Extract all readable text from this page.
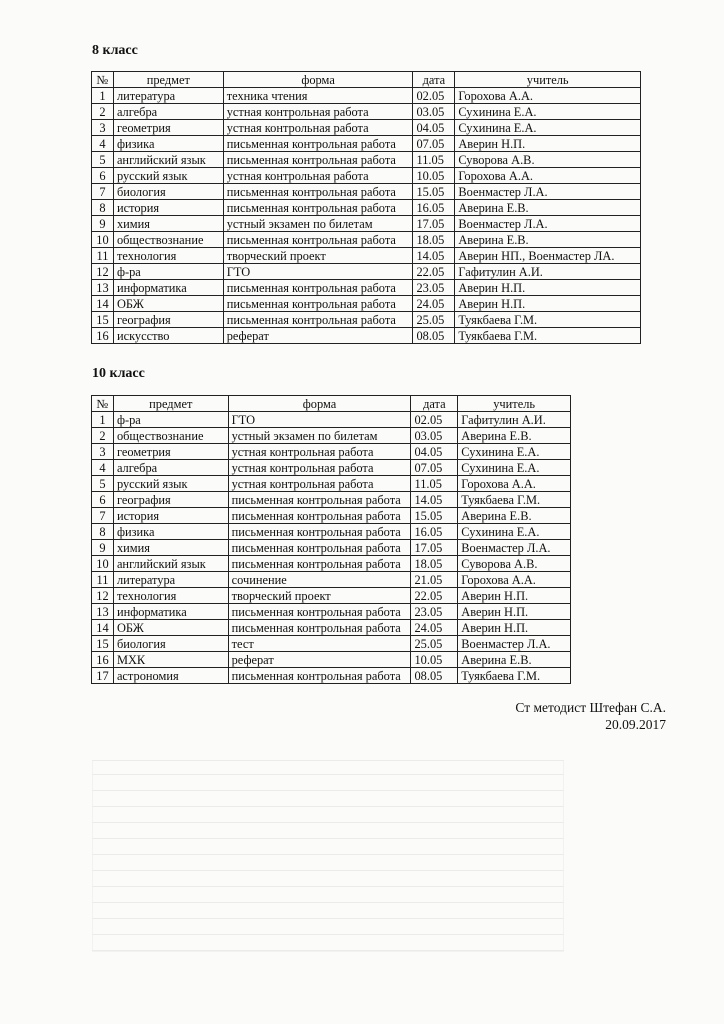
8 класс
№	предмет	форма	дата	учитель
1	литература	техника чтения	02.05	Горохова А.А.
2	алгебра	устная контрольная работа	03.05	Сухинина Е.А.
3	геометрия	устная контрольная работа	04.05	Сухинина Е.А.
4	физика	письменная контрольная работа	07.05	Аверин Н.П.
5	английский язык	письменная контрольная работа	11.05	Суворова А.В.
6	русский язык	устная контрольная работа	10.05	Горохова А.А.
7	биология	письменная контрольная работа	15.05	Военмастер Л.А.
8	история	письменная контрольная работа	16.05	Аверина Е.В.
9	химия	устный экзамен по билетам	17.05	Военмастер Л.А.
10	обществознание	письменная контрольная работа	18.05	Аверина Е.В.
11	технология	творческий проект	14.05	Аверин НП., Военмастер ЛА.
12	ф-ра	ГТО	22.05	Гафитулин А.И.
13	информатика	письменная контрольная работа	23.05	Аверин Н.П.
14	ОБЖ	письменная контрольная работа	24.05	Аверин Н.П.
15	география	письменная контрольная работа	25.05	Туякбаева Г.М.
16	искусство	реферат	08.05	Туякбаева Г.М.
10 класс
№	предмет	форма	дата	учитель
1	ф-ра	ГТО	02.05	Гафитулин А.И.
2	обществознание	устный экзамен по билетам	03.05	Аверина Е.В.
3	геометрия	устная контрольная работа	04.05	Сухинина Е.А.
4	алгебра	устная контрольная работа	07.05	Сухинина Е.А.
5	русский язык	устная контрольная работа	11.05	Горохова А.А.
6	география	письменная контрольная работа	14.05	Туякбаева Г.М.
7	история	письменная контрольная работа	15.05	Аверина Е.В.
8	физика	письменная контрольная работа	16.05	Сухинина Е.А.
9	химия	письменная контрольная работа	17.05	Военмастер Л.А.
10	английский язык	письменная контрольная работа	18.05	Суворова А.В.
11	литература	сочинение	21.05	Горохова А.А.
12	технология	творческий проект	22.05	Аверин Н.П.
13	информатика	письменная контрольная работа	23.05	Аверин Н.П.
14	ОБЖ	письменная контрольная работа	24.05	Аверин Н.П.
15	биология	тест	25.05	Военмастер Л.А.
16	МХК	реферат	10.05	Аверина Е.В.
17	астрономия	письменная контрольная работа	08.05	Туякбаева Г.М.
Ст методист Штефан С.А.
20.09.2017
